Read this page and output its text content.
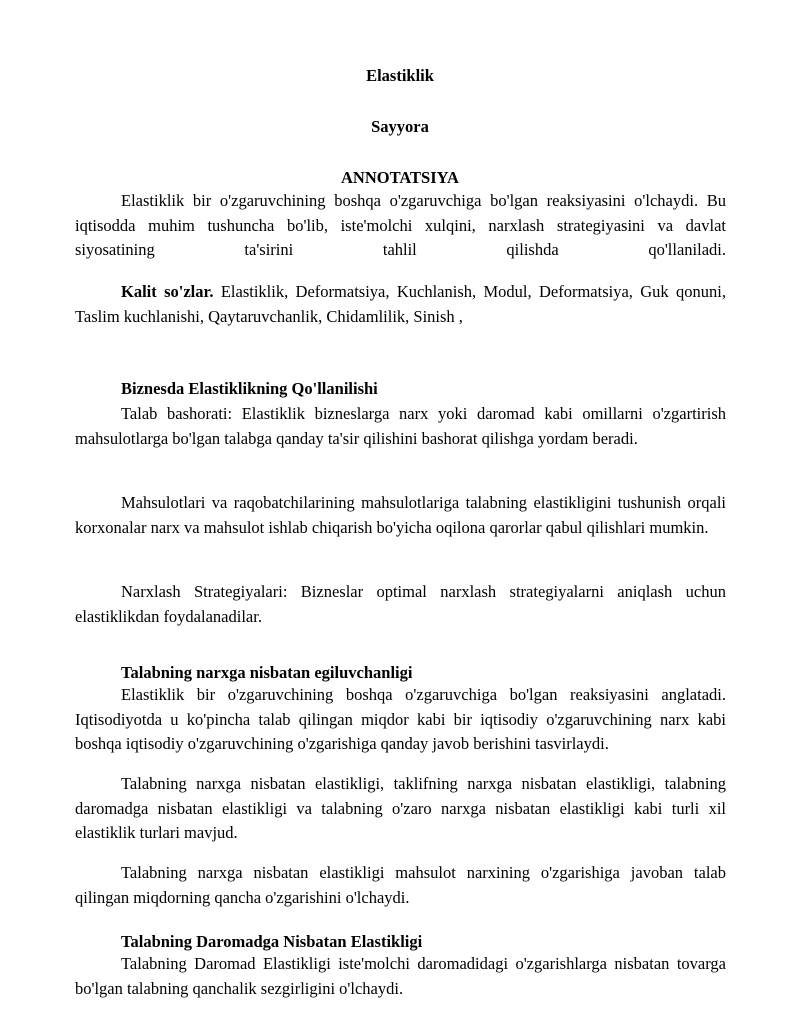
Elastiklik
Sayyora
ANNOTATSIYA

Elastiklik bir o'zgaruvchining boshqa o'zgaruvchiga bo'lgan reaksiyasini o'lchaydi. Bu iqtisodda muhim tushuncha bo'lib, iste'molchi xulqini, narxlash strategiyasini va davlat siyosatining ta'sirini tahlil qilishda qo'llaniladi.

Kalit so'zlar. Elastiklik, Deformatsiya, Kuchlanish, Modul, Deformatsiya, Guk qonuni, Taslim kuchlanishi, Qaytaruvchanlik, Chidamlilik, Sinish ,

Biznesda Elastiklikning Qo'llanilishi

Talab bashorati: Elastiklik bizneslarga narx yoki daromad kabi omillarni o'zgartirish mahsulotlarga bo'lgan talabga qanday ta'sir qilishini bashorat qilishga yordam beradi.

Mahsulotlari va raqobatchilarining mahsulotlariga talabning elastikligini tushunish orqali korxonalar narx va mahsulot ishlab chiqarish bo'yicha oqilona qarorlar qabul qilishlari mumkin.

Narxlash Strategiyalari: Bizneslar optimal narxlash strategiyalarni aniqlash uchun elastiklikdan foydalanadilar.

Talabning narxga nisbatan egiluvchanligi

Elastiklik bir o'zgaruvchining boshqa o'zgaruvchiga bo'lgan reaksiyasini anglatadi. Iqtisodiyotda u ko'pincha talab qilingan miqdor kabi bir iqtisodiy o'zgaruvchining narx kabi boshqa iqtisodiy o'zgaruvchining o'zgarishiga qanday javob berishini tasvirlaydi.

Talabning narxga nisbatan elastikligi, taklifning narxga nisbatan elastikligi, talabning daromadga nisbatan elastikligi va talabning o'zaro narxga nisbatan elastikligi kabi turli xil elastiklik turlari mavjud.

Talabning narxga nisbatan elastikligi mahsulot narxining o'zgarishiga javoban talab qilingan miqdorning qancha o'zgarishini o'lchaydi.

Talabning Daromadga Nisbatan Elastikligi

Talabning Daromad Elastikligi iste'molchi daromadidagi o'zgarishlarga nisbatan tovarga bo'lgan talabning qanchalik sezgirligini o'lchaydi.
